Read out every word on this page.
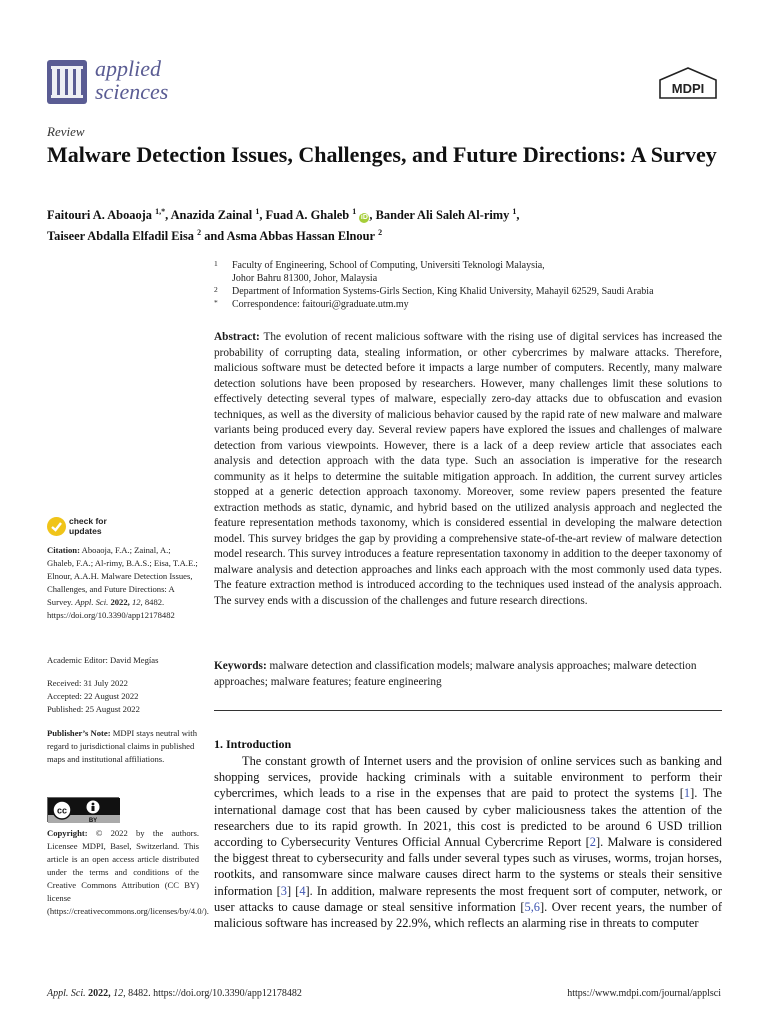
applied
sciences	MDPI
Review
Malware Detection Issues, Challenges, and Future Directions: A Survey
Faitouri A. Aboaoja $^{1,*}$, Anazida Zainal $^1$, Fuad A. Ghaleb $^1$ iD , Bander Ali Saleh Al-rimy $^1$,
Taiseer Abdalla Elfadil Eisa $^2$ and Asma Abbas Hassan Elnour $^2$
1 Faculty of Engineering, School of Computing, Universiti Teknologi Malaysia,
Johor Bahru 81300, Johor, Malaysia
2 Department of Information Systems-Girls Section, King Khalid University, Mahayil 62529, Saudi Arabia
* Correspondence: faitouri@graduate.utm.my
Abstract: The evolution of recent malicious software with the rising use of digital services has increased the probability of corrupting data, stealing information, or other cybercrimes by malware attacks. Therefore, malicious software must be detected before it impacts a large number of computers. Recently, many malware detection solutions have been proposed by researchers. However, many challenges limit these solutions to effectively detecting several types of malware, especially zero-day attacks due to obfuscation and evasion techniques, as well as the diversity of malicious behavior caused by the rapid rate of new malware and malware variants being produced every day. Several review papers have explored the issues and challenges of malware detection from various viewpoints. However, there is a lack of a deep review article that associates each analysis and detection approach with the data type. Such an association is imperative for the research community as it helps to determine the suitable mitigation approach. In addition, the current survey articles stopped at a generic detection approach taxonomy. Moreover, some review papers presented the feature extraction methods as static, dynamic, and hybrid based on the utilized analysis approach and neglected the feature representation methods taxonomy, which is considered essential in developing the malware detection model. This survey bridges the gap by providing a comprehensive state-of-the-art review of malware detection model research. This survey introduces a feature representation taxonomy in addition to the deeper taxonomy of malware analysis and detection approaches and links each approach with the most commonly used data types. The feature extraction method is introduced according to the techniques used instead of the analysis approach. The survey ends with a discussion of the challenges and future research directions.
Keywords: malware detection and classification models; malware analysis approaches; malware detection approaches; malware features; feature engineering
check for
updates
Citation: Aboaoja, F.A.; Zainal, A.; Ghaleb, F.A.; Al-rimy, B.A.S.; Eisa, T.A.E.; Elnour, A.A.H. Malware Detection Issues, Challenges, and Future Directions: A Survey. Appl. Sci. 2022, 12, 8482. https://doi.org/10.3390/app12178482
Academic Editor: David Megías
Received: 31 July 2022
Accepted: 22 August 2022
Published: 25 August 2022
Publisher’s Note: MDPI stays neutral with regard to jurisdictional claims in published maps and institutional affiliations.
cc
BY
Copyright: © 2022 by the authors. Licensee MDPI, Basel, Switzerland. This article is an open access article distributed under the terms and conditions of the Creative Commons Attribution (CC BY) license (https://creativecommons.org/licenses/by/4.0/).
1. Introduction
The constant growth of Internet users and the provision of online services such as banking and shopping services, provide hacking criminals with a suitable environment to perform their cybercrimes, which leads to a rise in the expenses that are paid to protect the systems [1]. The international damage cost that has been caused by cyber maliciousness takes the attention of the researchers due to its rapid growth. In 2021, this cost is predicted to be around 6 USD trillion according to Cybersecurity Ventures Official Annual Cybercrime Report [2]. Malware is considered the biggest threat to cybersecurity and falls under several types such as viruses, worms, trojan horses, rootkits, and ransomware since malware causes direct harm to the systems or steals their sensitive information [3] [4]. In addition, malware represents the most frequent sort of computer, network, or user attacks to cause damage or steal sensitive information [5,6]. Over recent years, the number of malicious software has increased by 22.9%, which reflects an alarming rise in threats to computer
Appl. Sci. 2022, 12, 8482. https://doi.org/10.3390/app12178482	https://www.mdpi.com/journal/applsci
